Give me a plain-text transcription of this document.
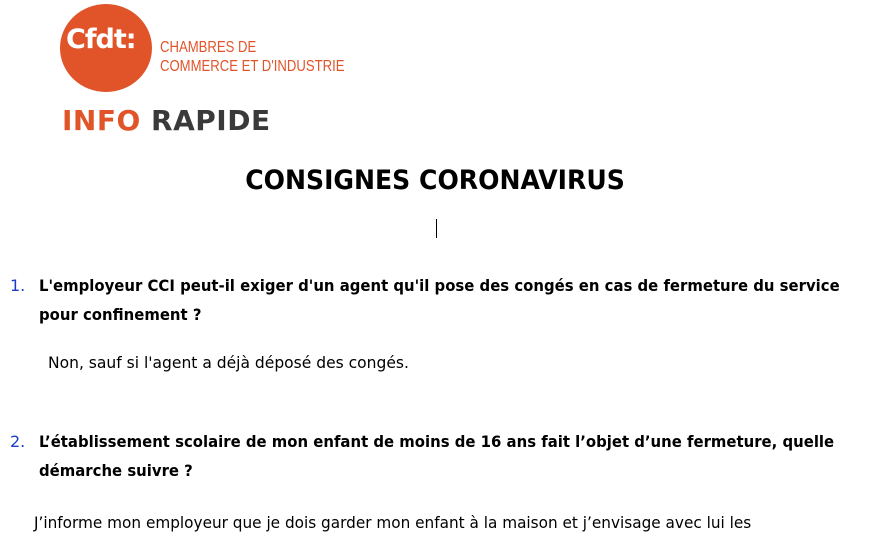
Cfdt:	CHAMBRES DE
COMMERCE ET D'INDUSTRIE
INFO RAPIDE
CONSIGNES CORONAVIRUS
1. L'employeur CCI peut-il exiger d'un agent qu'il pose des congés en cas de fermeture du service
pour confinement ?
Non, sauf si l'agent a déjà déposé des congés.
2. L’établissement scolaire de mon enfant de moins de 16 ans fait l’objet d’une fermeture, quelle
démarche suivre ?
J’informe mon employeur que je dois garder mon enfant à la maison et j’envisage avec lui les
